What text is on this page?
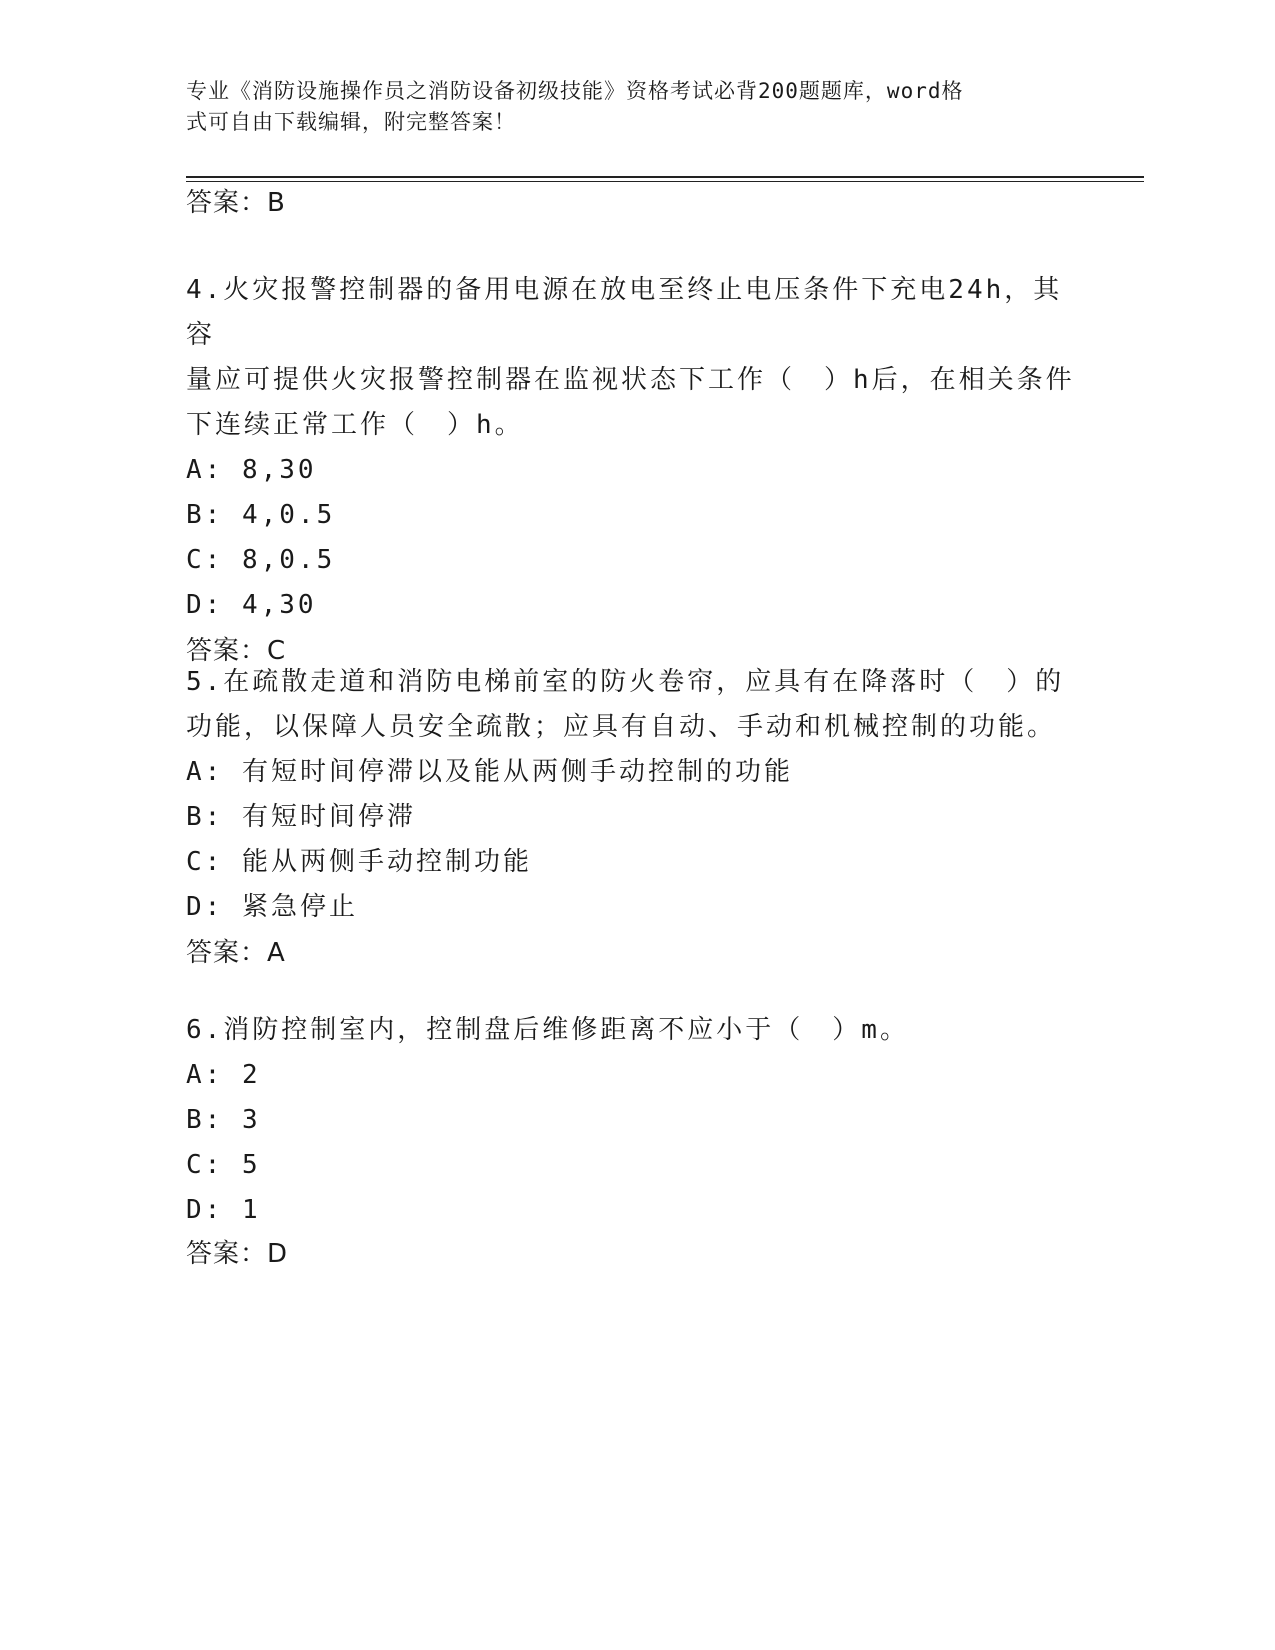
专业《消防设施操作员之消防设备初级技能》资格考试必背200题题库，word格
式可自由下载编辑，附完整答案！

答案：B

4.火灾报警控制器的备用电源在放电至终止电压条件下充电24h，其容
量应可提供火灾报警控制器在监视状态下工作（　）h后，在相关条件
下连续正常工作（　）h。

A: 8,30

B: 4,0.5

C: 8,0.5

D: 4,30

答案：C

5.在疏散走道和消防电梯前室的防火卷帘，应具有在降落时（　）的
功能，以保障人员安全疏散；应具有自动、手动和机械控制的功能。

A: 有短时间停滞以及能从两侧手动控制的功能

B: 有短时间停滞

C: 能从两侧手动控制功能

D: 紧急停止

答案：A

6.消防控制室内，控制盘后维修距离不应小于（　）m。

A: 2

B: 3

C: 5

D: 1

答案：D
